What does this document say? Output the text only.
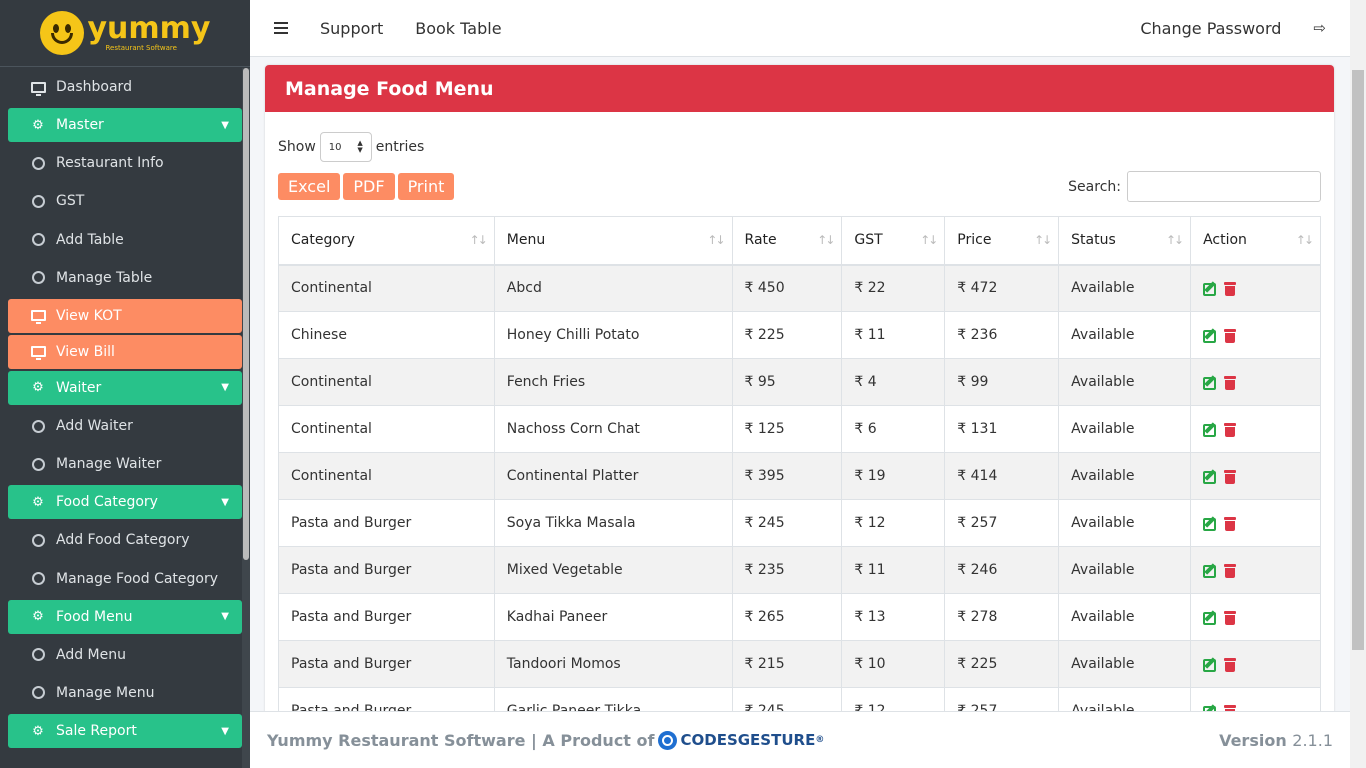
yummy
Restaurant Software
Dashboard
⚙ Master	▼
Restaurant Info
GST
Add Table
Manage Table
View KOT
View Bill
⚙ Waiter	▼
Add Waiter
Manage Waiter
⚙ Food Category	▼
Add Food Category
Manage Food Category
⚙ Food Menu	▼
Add Menu
Manage Menu
⚙ Sale Report	▼
Support Book Table	Change Password ⇨
Manage Food Menu
Show 10 ▲
▼ entries
Excel	PDF	Print	Search:
Category ↑↓	Menu ↑↓	Rate ↑↓	GST ↑↓	Price ↑↓	Status ↑↓	Action ↑↓

Continental	Abcd	₹ 450	₹ 22	₹ 472	Available	

Chinese	Honey Chilli Potato	₹ 225	₹ 11	₹ 236	Available	

Continental	Fench Fries	₹ 95	₹ 4	₹ 99	Available	

Continental	Nachoss Corn Chat	₹ 125	₹ 6	₹ 131	Available	

Continental	Continental Platter	₹ 395	₹ 19	₹ 414	Available	

Pasta and Burger	Soya Tikka Masala	₹ 245	₹ 12	₹ 257	Available	

Pasta and Burger	Mixed Vegetable	₹ 235	₹ 11	₹ 246	Available	

Pasta and Burger	Kadhai Paneer	₹ 265	₹ 13	₹ 278	Available	

Pasta and Burger	Tandoori Momos	₹ 215	₹ 10	₹ 225	Available	

Yummy Restaurant Software | A Product of CODESGESTURE ®	Version 2.1.1
